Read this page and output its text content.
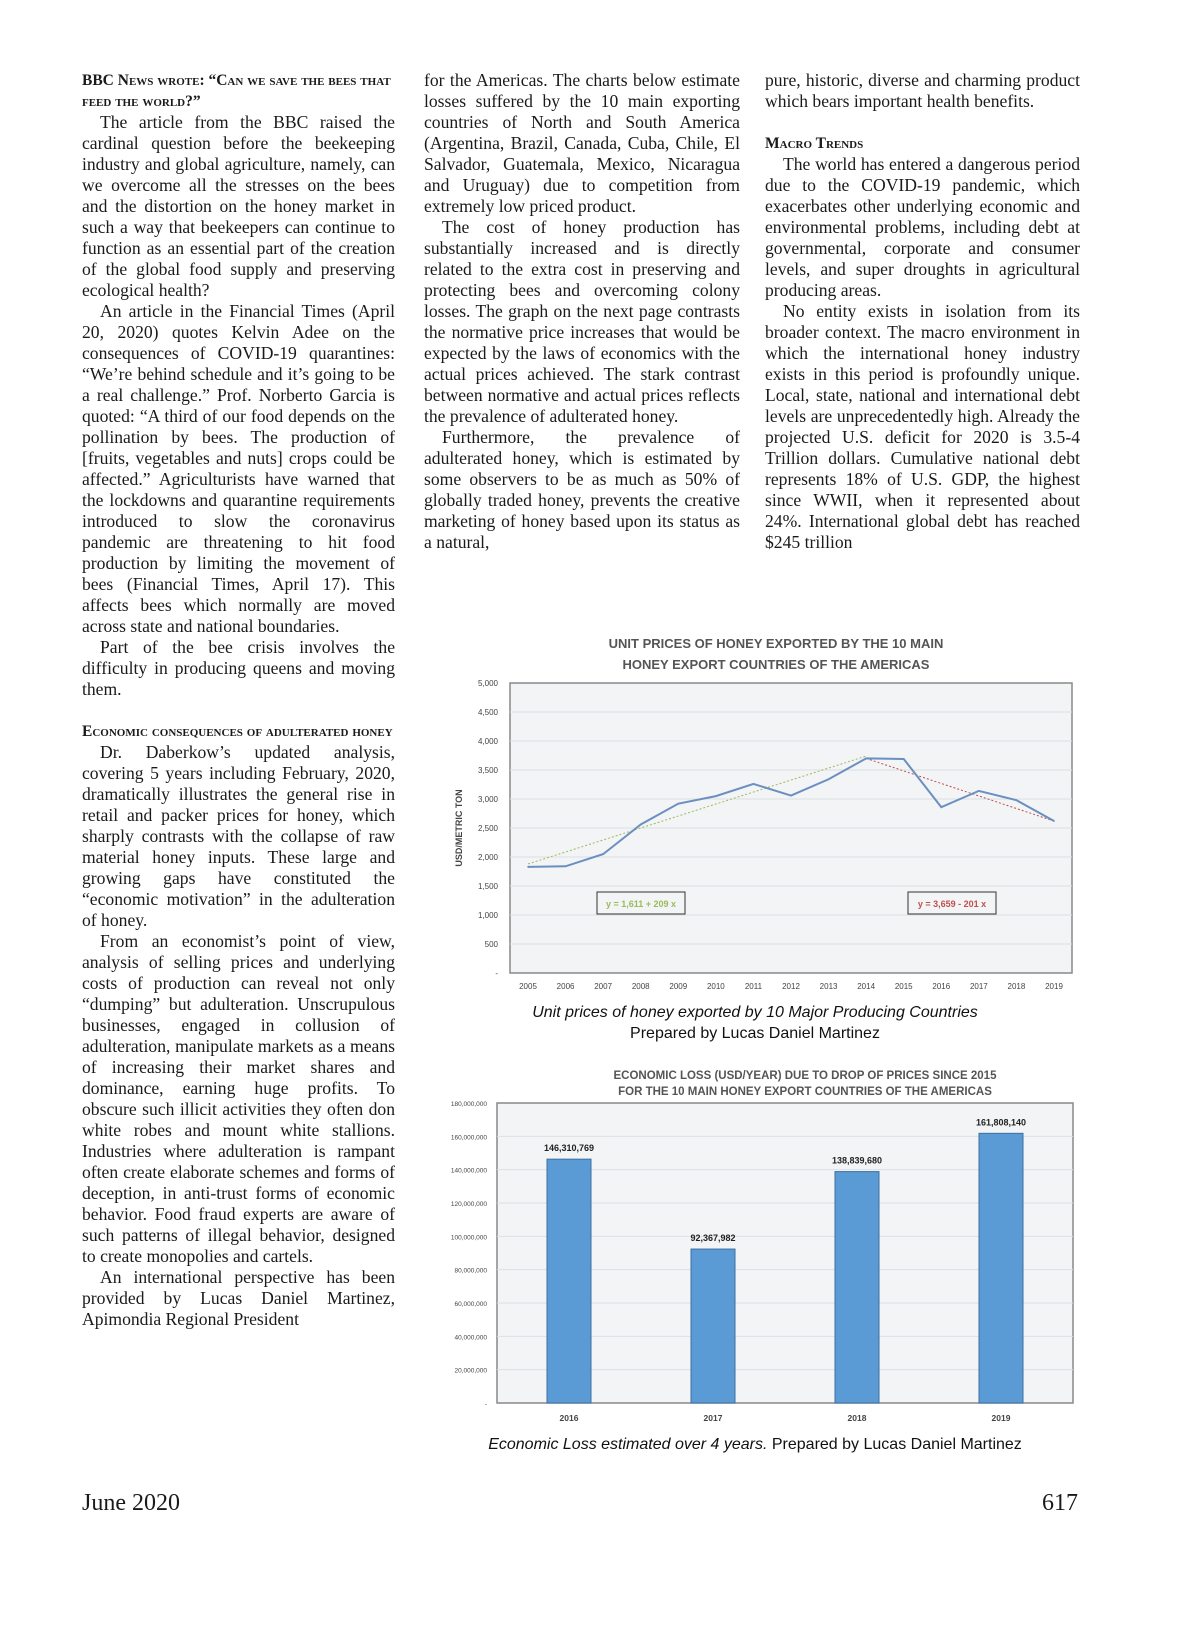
BBC News wrote: “Can we save the bees that feed the world?”

The article from the BBC raised the cardinal question before the beekeeping industry and global agriculture, namely, can we overcome all the stresses on the bees and the distortion on the honey market in such a way that beekeepers can continue to function as an essential part of the creation of the global food supply and preserving ecological health?

An article in the Financial Times (April 20, 2020) quotes Kelvin Adee on the consequences of COVID-19 quarantines: “We’re behind schedule and it’s going to be a real challenge.” Prof. Norberto Garcia is quoted: “A third of our food depends on the pollination by bees. The production of [fruits, vegetables and nuts] crops could be affected.” Agriculturists have warned that the lockdowns and quarantine requirements introduced to slow the coronavirus pandemic are threatening to hit food production by limiting the movement of bees (Financial Times, April 17). This affects bees which normally are moved across state and national boundaries.

Part of the bee crisis involves the difficulty in producing queens and moving them.

Economic consequences of adulterated honey

Dr. Daberkow’s updated analysis, covering 5 years including February, 2020, dramatically illustrates the general rise in retail and packer prices for honey, which sharply contrasts with the collapse of raw material honey inputs. These large and growing gaps have constituted the “economic motivation” in the adulteration of honey.

From an economist’s point of view, analysis of selling prices and underlying costs of production can reveal not only “dumping” but adulteration. Unscrupulous businesses, engaged in collusion of adulteration, manipulate markets as a means of increasing their market shares and dominance, earning huge profits. To obscure such illicit activities they often don white robes and mount white stallions. Industries where adulteration is rampant often create elaborate schemes and forms of deception, in anti-trust forms of economic behavior. Food fraud experts are aware of such patterns of illegal behavior, designed to create monopolies and cartels.

An international perspective has been provided by Lucas Daniel Martinez, Apimondia Regional President

for the Americas. The charts below estimate losses suffered by the 10 main exporting countries of North and South America (Argentina, Brazil, Canada, Cuba, Chile, El Salvador, Guatemala, Mexico, Nicaragua and Uruguay) due to competition from extremely low priced product.

The cost of honey production has substantially increased and is directly related to the extra cost in preserving and protecting bees and overcoming colony losses. The graph on the next page contrasts the normative price increases that would be expected by the laws of economics with the actual prices achieved. The stark contrast between normative and actual prices reflects the prevalence of adulterated honey.

Furthermore, the prevalence of adulterated honey, which is estimated by some observers to be as much as 50% of globally traded honey, prevents the creative marketing of honey based upon its status as a natural,

pure, historic, diverse and charming product which bears important health benefits.

Macro Trends

The world has entered a dangerous period due to the COVID-19 pandemic, which exacerbates other underlying economic and environmental problems, including debt at governmental, corporate and consumer levels, and super droughts in agricultural producing areas.

No entity exists in isolation from its broader context. The macro environment in which the international honey industry exists in this period is profoundly unique. Local, state, national and international debt levels are unprecedentedly high. Already the projected U.S. deficit for 2020 is 3.5-4 Trillion dollars. Cumulative national debt represents 18% of U.S. GDP, the highest since WWII, when it represented about 24%. International global debt has reached $245 trillion

UNIT PRICES OF HONEY EXPORTED BY THE 10 MAIN
HONEY EXPORT COUNTRIES OF THE AMERICAS
-
500
1,000
1,500
2,000
2,500
3,000
3,500
4,000
4,500
5,000
USD/METRIC TON
2005 2006 2007 2008 2009 2010	2011	2012 2013 2014 2015 2016 2017 2018 2019
y = 1,611 + 209 x	y = 3,659 - 201 x
Unit prices of honey exported by 10 Major Producing Countries
Prepared by Lucas Daniel Martinez
ECONOMIC LOSS (USD/YEAR) DUE TO DROP OF PRICES SINCE 2015
FOR THE 10 MAIN HONEY EXPORT COUNTRIES OF THE AMERICAS
-
20,000,000
40,000,000
60,000,000
80,000,000
100,000,000
120,000,000
140,000,000
160,000,000
180,000,000
146,310,769
2016
92,367,982
2017
138,839,680
2018
161,808,140
2019
Economic Loss estimated over 4 years. Prepared by Lucas Daniel Martinez
June 2020	617
